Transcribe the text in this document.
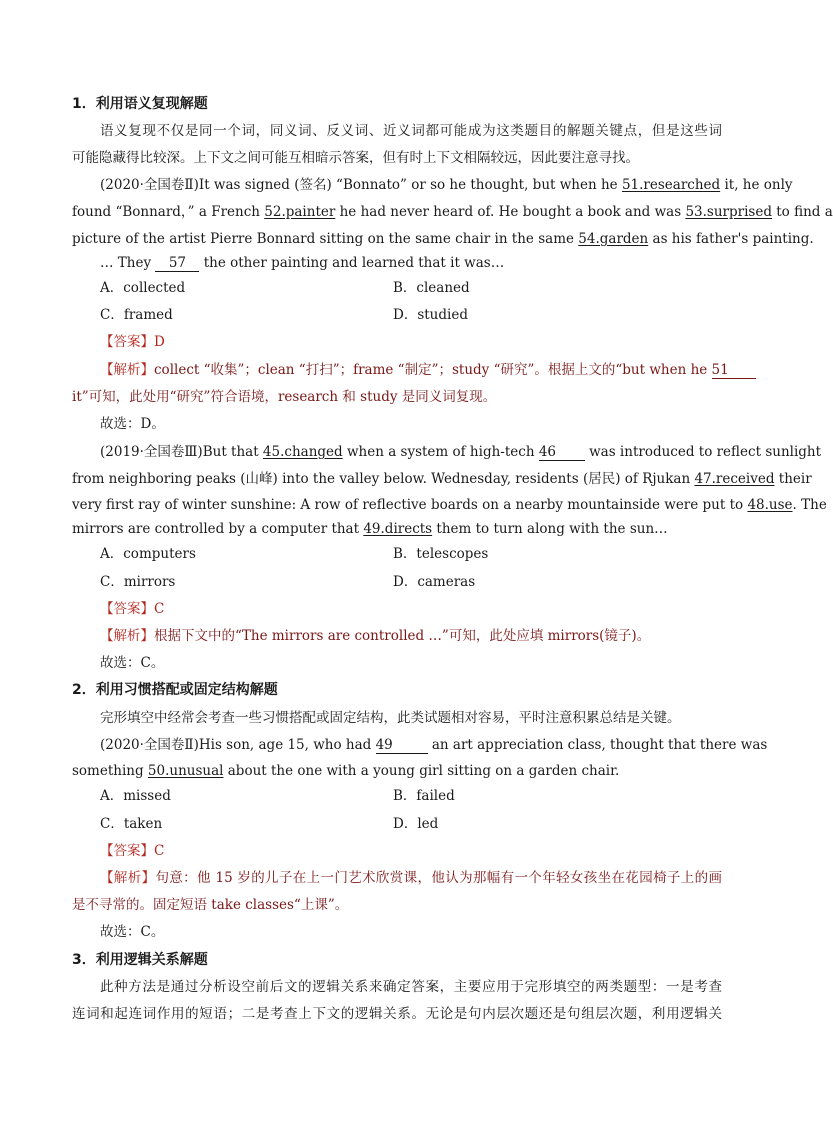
1．利用语义复现解题
语义复现不仅是同一个词，同义词、反义词、近义词都可能成为这类题目的解题关键点，但是这些词
可能隐藏得比较深。上下文之间可能互相暗示答案，但有时上下文相隔较远，因此要注意寻找。
(2020·全国卷Ⅱ)It was signed (签名) “Bonnato” or so he thought, but when he 51.researched it, he only
found “Bonnard，” a French 52.painter he had never heard of. He bought a book and was 53.surprised to find a
picture of the artist Pierre Bonnard sitting on the same chair in the same 54.garden as his father's painting.
… They 57 the other painting and learned that it was…
A．collected	B．cleaned
C．framed	D．studied
【答案】D
【解析】collect “收集”；clean “打扫”；frame “制定”；study “研究”。根据上文的“but when he 51
it”可知，此处用“研究”符合语境，research 和 study 是同义词复现。
故选：D。
(2019·全国卷Ⅲ)But that 45.changed when a system of high-tech 46 was introduced to reflect sunlight
from neighboring peaks (山峰) into the valley below. Wednesday, residents (居民) of Rjukan 47.received their
very first ray of winter sunshine: A row of reflective boards on a nearby mountainside were put to 48.use. The
mirrors are controlled by a computer that 49.directs them to turn along with the sun…
A．computers	B．telescopes
C．mirrors	D．cameras
【答案】C
【解析】根据下文中的“The mirrors are controlled …”可知，此处应填 mirrors(镜子)。
故选：C。
2．利用习惯搭配或固定结构解题
完形填空中经常会考查一些习惯搭配或固定结构，此类试题相对容易，平时注意积累总结是关键。
(2020·全国卷Ⅱ)His son, age 15, who had 49	an art appreciation class, thought that there was
something 50.unusual about the one with a young girl sitting on a garden chair.
A．missed	B．failed
C．taken	D．led
【答案】C
【解析】句意：他 15 岁的儿子在上一门艺术欣赏课，他认为那幅有一个年轻女孩坐在花园椅子上的画
是不寻常的。固定短语 take classes“上课”。
故选：C。
3．利用逻辑关系解题
此种方法是通过分析设空前后文的逻辑关系来确定答案，主要应用于完形填空的两类题型：一是考查
连词和起连词作用的短语；二是考查上下文的逻辑关系。无论是句内层次题还是句组层次题，利用逻辑关
